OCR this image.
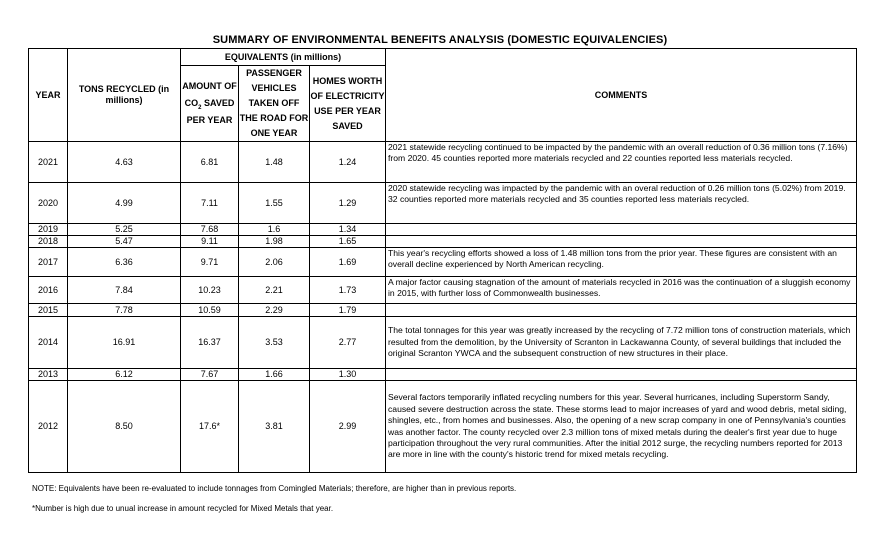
SUMMARY OF ENVIRONMENTAL BENEFITS ANALYSIS (DOMESTIC EQUIVALENCIES)
YEAR	TONS RECYCLED (in millions)	EQUIVALENTS (in millions)			COMMENTS
		AMOUNT OF $CO_2$ SAVED PER YEAR	PASSENGER VEHICLES TAKEN OFF THE ROAD FOR ONE YEAR	HOMES WORTH OF ELECTRICITY USE PER YEAR SAVED	
2021	4.63	6.81	1.48	1.24	2021 statewide recycling continued to be impacted by the pandemic with an overall reduction of 0.36 million tons (7.16%) from 2020. 45 counties reported more materials recycled and 22 counties reported less materials recycled.
2020	4.99	7.11	1.55	1.29	2020 statewide recycling was impacted by the pandemic with an overal reduction of 0.26 million tons (5.02%) from 2019. 32 counties reported more materials recycled and 35 counties reported less materials recycled.
2019	5.25	7.68	1.6	1.34	
2018	5.47	9.11	1.98	1.65	
2017	6.36	9.71	2.06	1.69	This year's recycling efforts showed a loss of 1.48 million tons from the prior year. These figures are consistent with an overall decline experienced by North American recycling.
2016	7.84	10.23	2.21	1.73	A major factor causing stagnation of the amount of materials recycled in 2016 was the continuation of a sluggish economy in 2015, with further loss of Commonwealth businesses.
2015	7.78	10.59	2.29	1.79	
2014	16.91	16.37	3.53	2.77	The total tonnages for this year was greatly increased by the recycling of 7.72 million tons of construction materials, which resulted from the demolition, by the University of Scranton in Lackawanna County, of several buildings that included the original Scranton YWCA and the subsequent construction of new structures in their place.
2013	6.12	7.67	1.66	1.30	
2012	8.50	17.6*	3.81	2.99	Several factors temporarily inflated recycling numbers for this year. Several hurricanes, including Superstorm Sandy, caused severe destruction across the state. These storms lead to major increases of yard and wood debris, metal siding, shingles, etc., from homes and businesses. Also, the opening of a new scrap company in one of Pennsylvania's counties was another factor. The county recycled over 2.3 million tons of mixed metals during the dealer's first year due to huge participation throughout the very rural communities. After the initial 2012 surge, the recycling numbers reported for 2013 are more in line with the county's historic trend for mixed metals recycling.
NOTE: Equivalents have been re-evaluated to include tonnages from Comingled Materials; therefore, are higher than in previous reports.
*Number is high due to unual increase in amount recycled for Mixed Metals that year.
